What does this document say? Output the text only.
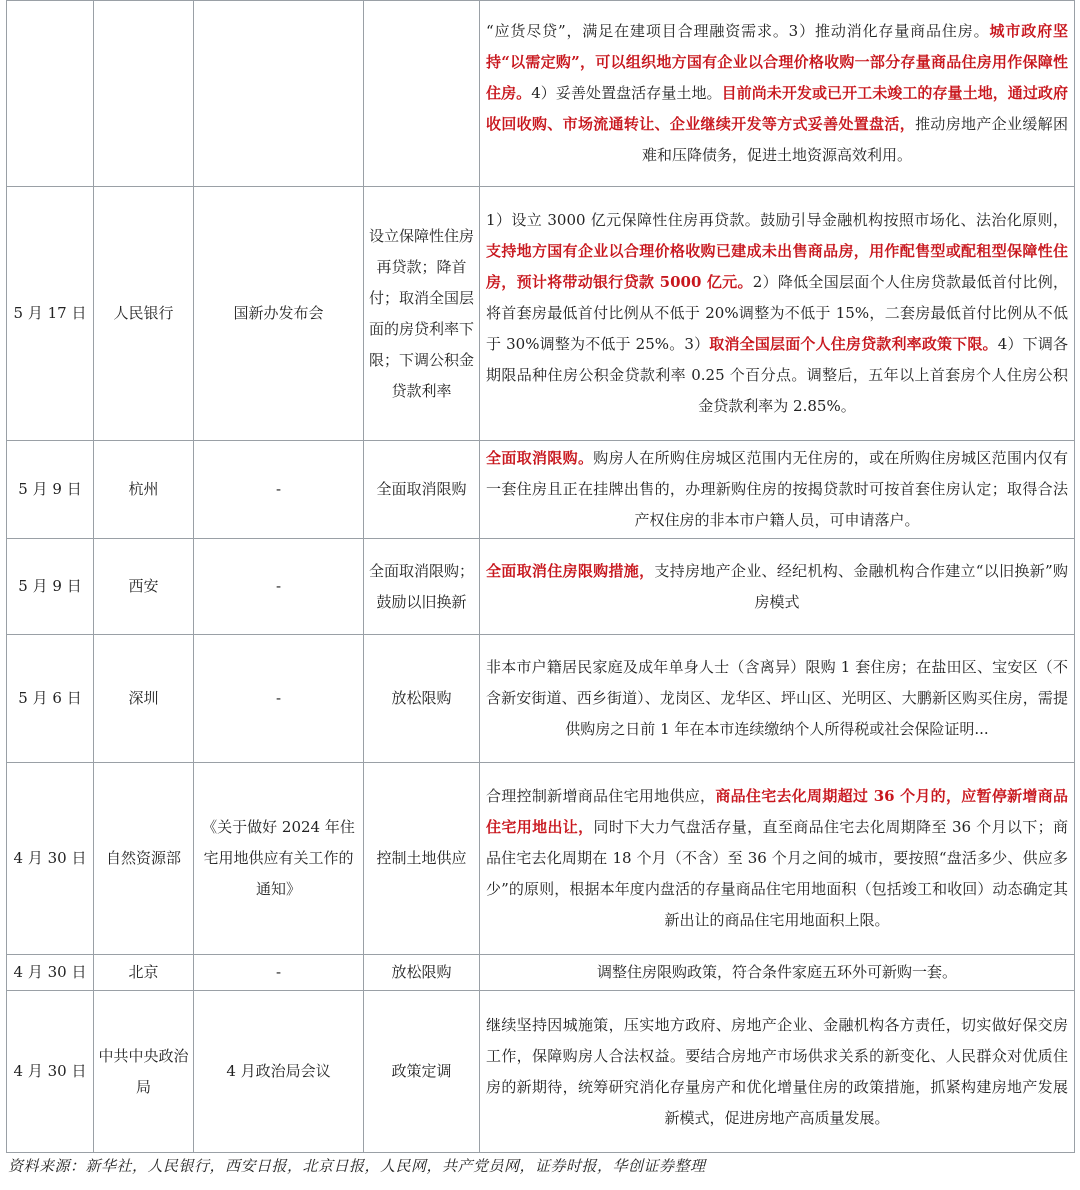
				“应货尽贷”，满足在建项目合理融资需求。3）推动消化存量商品住房。城市政府坚持“以需定购”，可以组织地方国有企业以合理价格收购一部分存量商品住房用作保障性住房。4）妥善处置盘活存量土地。目前尚未开发或已开工未竣工的存量土地，通过政府收回收购、市场流通转让、企业继续开发等方式妥善处置盘活，推动房地产企业缓解困难和压降债务，促进土地资源高效利用。
5 月 17 日	人民银行	国新办发布会	设立保障性住房再贷款；降首付；取消全国层面的房贷利率下限；下调公积金贷款利率	1）设立 3000 亿元保障性住房再贷款。鼓励引导金融机构按照市场化、法治化原则，支持地方国有企业以合理价格收购已建成未出售商品房，用作配售型或配租型保障性住房，预计将带动银行贷款 5000 亿元。2）降低全国层面个人住房贷款最低首付比例，将首套房最低首付比例从不低于 20%调整为不低于 15%，二套房最低首付比例从不低于 30%调整为不低于 25%。3）取消全国层面个人住房贷款利率政策下限。4）下调各期限品种住房公积金贷款利率 0.25 个百分点。调整后，五年以上首套房个人住房公积金贷款利率为 2.85%。
5 月 9 日	杭州	-	全面取消限购	全面取消限购。购房人在所购住房城区范围内无住房的，或在所购住房城区范围内仅有一套住房且正在挂牌出售的，办理新购住房的按揭贷款时可按首套住房认定；取得合法产权住房的非本市户籍人员，可申请落户。
5 月 9 日	西安	-	全面取消限购；鼓励以旧换新	全面取消住房限购措施，支持房地产企业、经纪机构、金融机构合作建立“以旧换新”购房模式
5 月 6 日	深圳	-	放松限购	非本市户籍居民家庭及成年单身人士（含离异）限购 1 套住房；在盐田区、宝安区（不含新安街道、西乡街道）、龙岗区、龙华区、坪山区、光明区、大鹏新区购买住房，需提供购房之日前 1 年在本市连续缴纳个人所得税或社会保险证明...
4 月 30 日	自然资源部	《关于做好 2024 年住宅用地供应有关工作的通知》	控制土地供应	合理控制新增商品住宅用地供应，商品住宅去化周期超过 36 个月的，应暂停新增商品住宅用地出让，同时下大力气盘活存量，直至商品住宅去化周期降至 36 个月以下；商品住宅去化周期在 18 个月（不含）至 36 个月之间的城市，要按照“盘活多少、供应多少”的原则，根据本年度内盘活的存量商品住宅用地面积（包括竣工和收回）动态确定其新出让的商品住宅用地面积上限。
4 月 30 日	北京	-	放松限购	调整住房限购政策，符合条件家庭五环外可新购一套。
4 月 30 日	中共中央政治局	4 月政治局会议	政策定调	继续坚持因城施策，压实地方政府、房地产企业、金融机构各方责任，切实做好保交房工作，保障购房人合法权益。要结合房地产市场供求关系的新变化、人民群众对优质住房的新期待，统筹研究消化存量房产和优化增量住房的政策措施，抓紧构建房地产发展新模式，促进房地产高质量发展。
资料来源：新华社，人民银行，西安日报，北京日报，人民网，共产党员网，证券时报，华创证券整理
